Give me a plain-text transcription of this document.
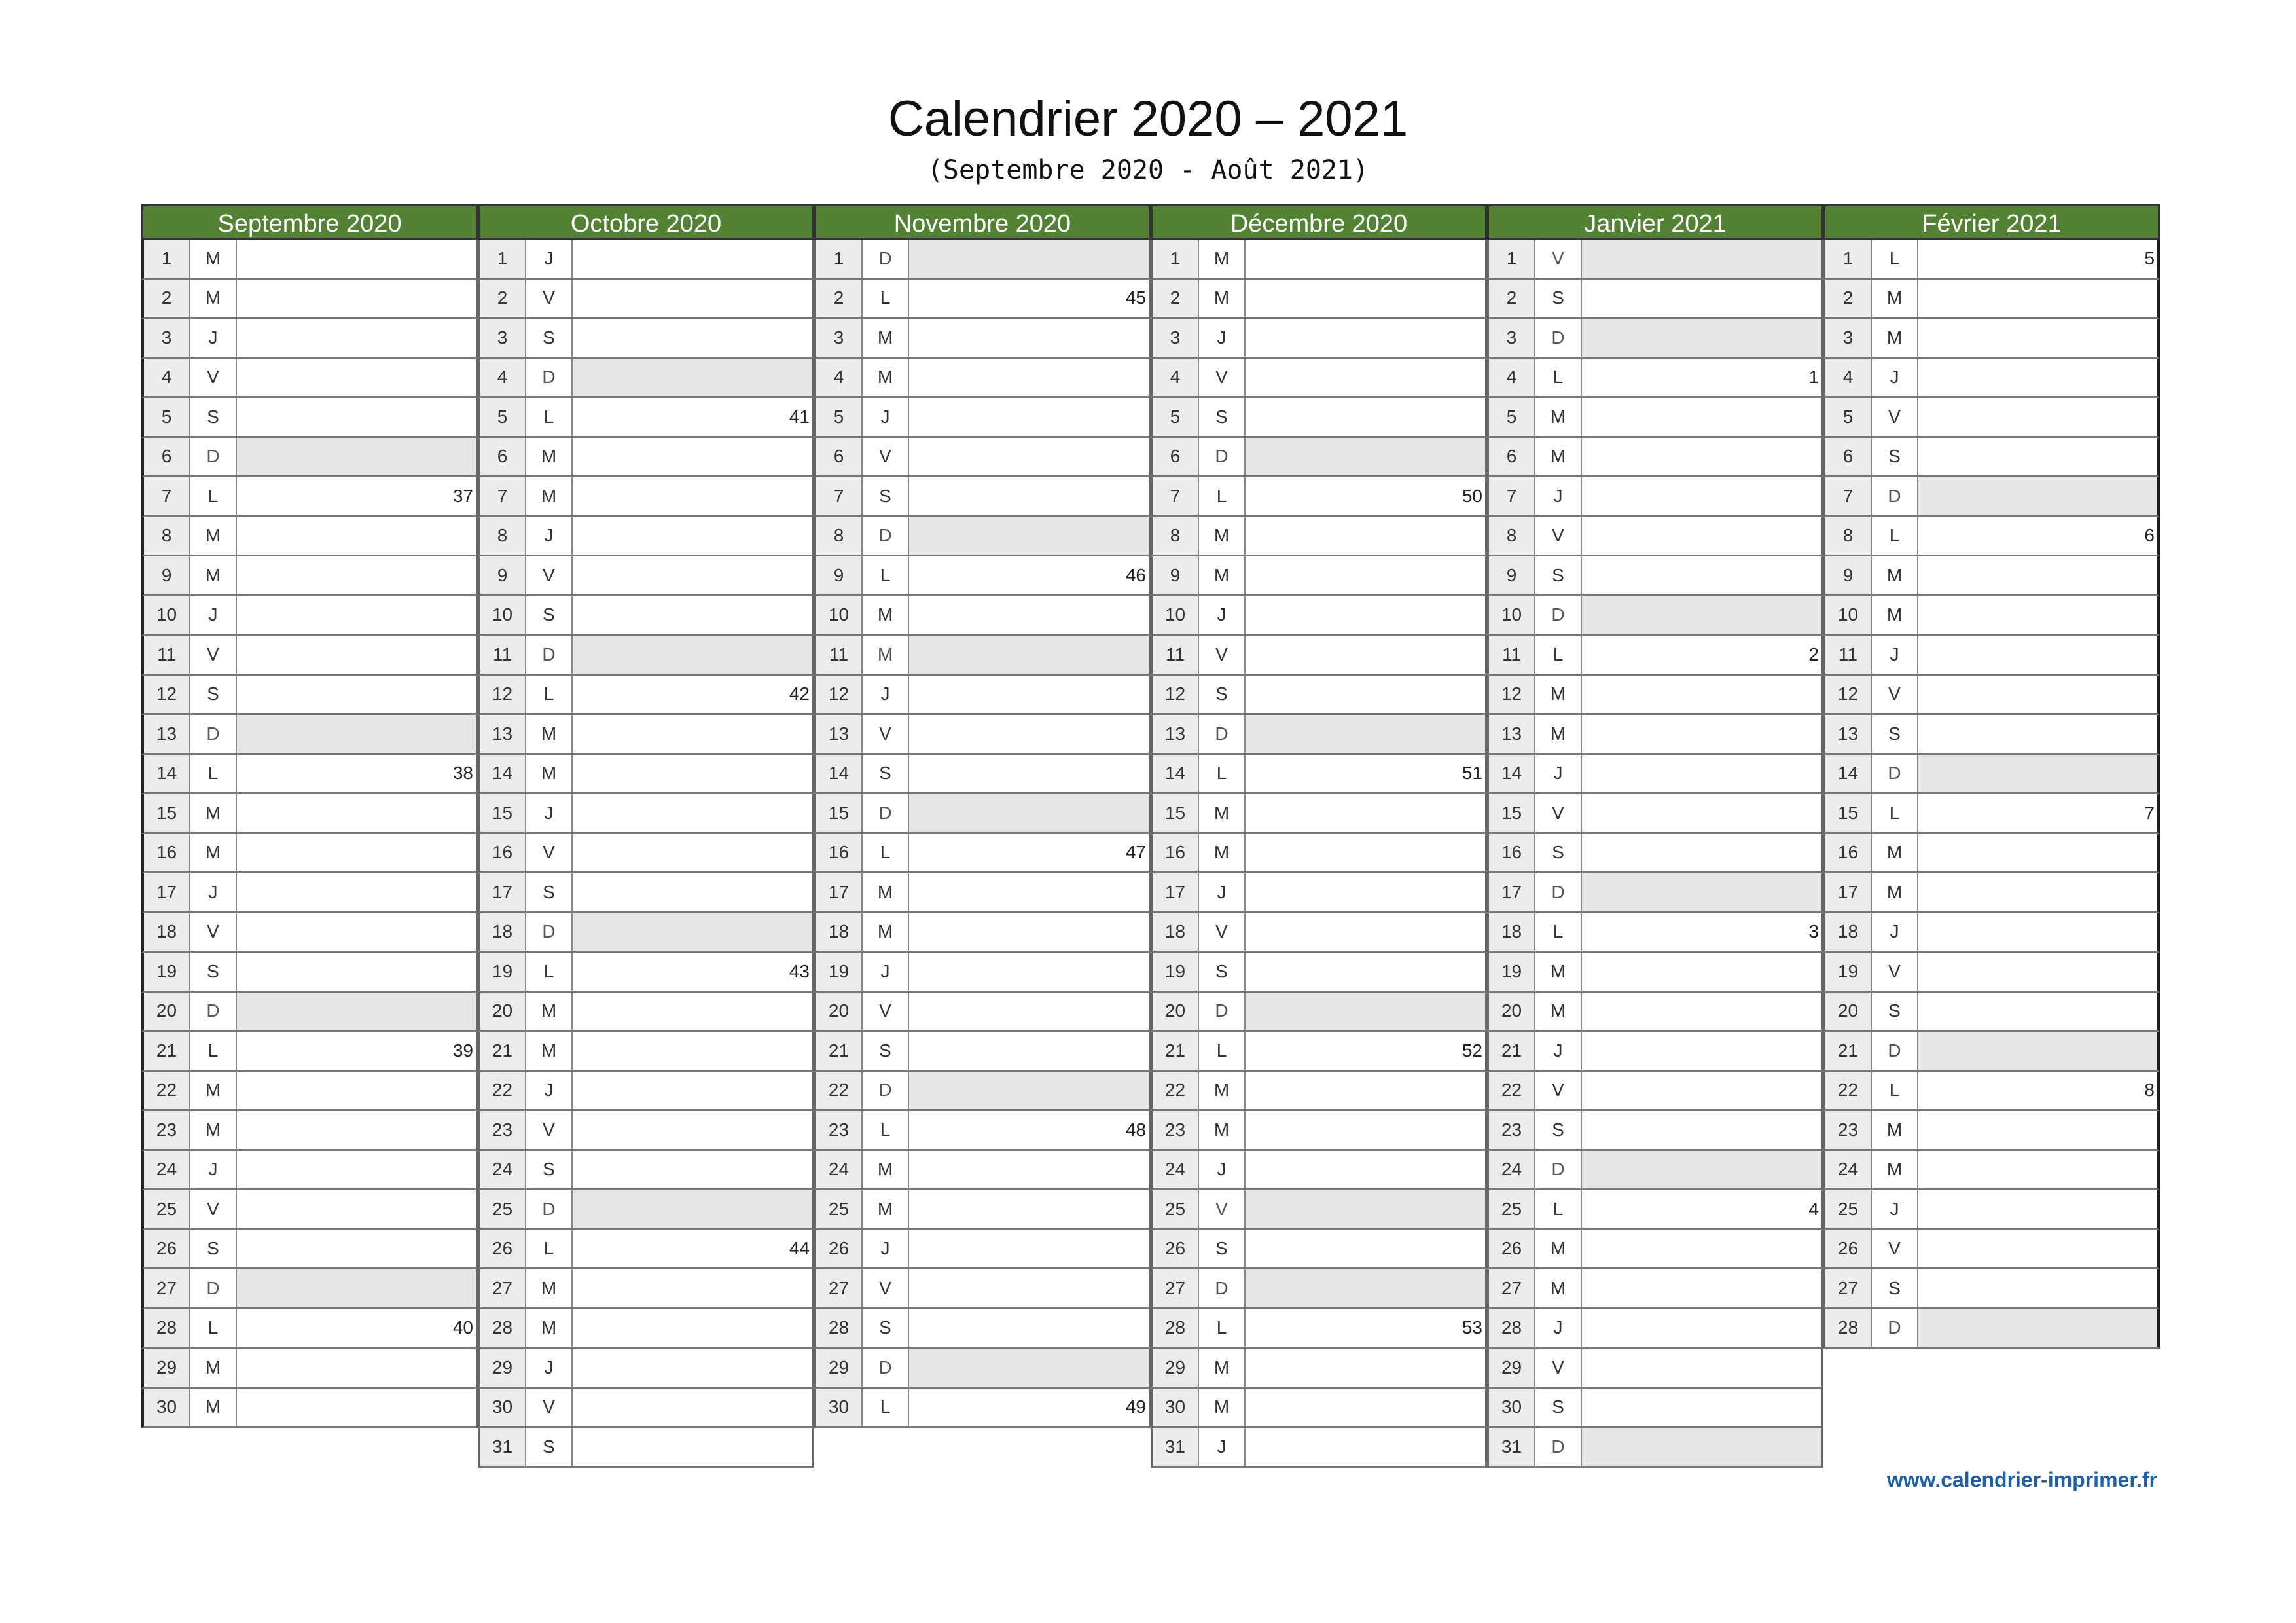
Calendrier 2020 – 2021
(Septembre 2020 - Août 2021)
Septembre 2020
1	M
2	M
3	J
4	V
5	S
6	D
7	L	37
8	M
9	M
10	J
11	V
12	S
13	D
14	L	38
15	M
16	M
17	J
18	V
19	S
20	D
21	L	39
22	M
23	M
24	J
25	V
26	S
27	D
28	L	40
29	M
30	M
Octobre 2020
1	J
2	V
3	S
4	D
5	L	41
6	M
7	M
8	J
9	V
10	S
11	D
12	L	42
13	M
14	M
15	J
16	V
17	S
18	D
19	L	43
20	M
21	M
22	J
23	V
24	S
25	D
26	L	44
27	M
28	M
29	J
30	V
31	S
Novembre 2020
1	D
2	L	45
3	M
4	M
5	J
6	V
7	S
8	D
9	L	46
10	M
11	M
12	J
13	V
14	S
15	D
16	L	47
17	M
18	M
19	J
20	V
21	S
22	D
23	L	48
24	M
25	M
26	J
27	V
28	S
29	D
30	L	49
Décembre 2020
1	M
2	M
3	J
4	V
5	S
6	D
7	L	50
8	M
9	M
10	J
11	V
12	S
13	D
14	L	51
15	M
16	M
17	J
18	V
19	S
20	D
21	L	52
22	M
23	M
24	J
25	V
26	S
27	D
28	L	53
29	M
30	M
31	J
Janvier 2021
1	V
2	S
3	D
4	L	1
5	M
6	M
7	J
8	V
9	S
10	D
11	L	2
12	M
13	M
14	J
15	V
16	S
17	D
18	L	3
19	M
20	M
21	J
22	V
23	S
24	D
25	L	4
26	M
27	M
28	J
29	V
30	S
31	D
Février 2021
1	L	5
2	M
3	M
4	J
5	V
6	S
7	D
8	L	6
9	M
10	M
11	J
12	V
13	S
14	D
15	L	7
16	M
17	M
18	J
19	V
20	S
21	D
22	L	8
23	M
24	M
25	J
26	V
27	S
28	D
www.calendrier-imprimer.fr
